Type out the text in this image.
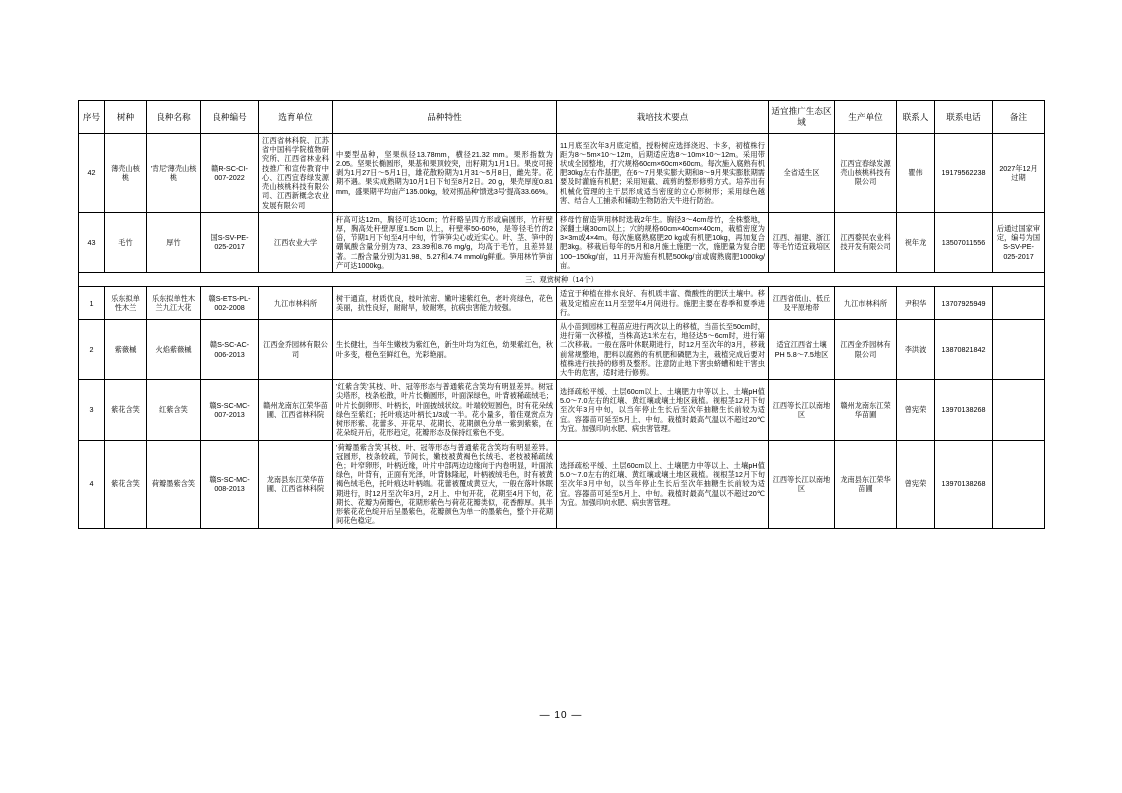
序号	树种	良种名称	良种编号	选育单位	品种特性	栽培技术要点	适宜推广生态区域	生产单位	联系人	联系电话	备注
42	薄壳山核桃	'肯尼'薄壳山核桃	赣R-SC-CI-007-2022	江西省林科院、江苏省中国科学院植物研究所、江西省林业科技推广和宣传教育中心、江西宜春绿发源壳山核桃科技有限公司、江西新概念农业发展有限公司	中要型品种，坚果纵径13.78mm，横径21.32 mm。果形指数为2.05。坚果长椭圆形，果基和果顶较突，出籽期为1月1日。果皮可接剥为1月27日～5月1日，雄花散粉期为1月31～5月8日，雌先芽。花期不遇。果实成熟期为10月1日下旬至8月2日。20 g，果壳厚度0.81 mm，盛果期平均亩产135.00kg，较对照品种'馈选3号'提高33.66%。	11月底至次年3月底定植，授粉树应选择浇迟、卡多，初植株行距为8～5m×10～12m，后期适应选8～10m×10～12m。采用带状成全园整地，打穴规格60cm×60cm×60cm。每次施入腐熟有机肥30kg左右作基肥，在6～7月果实膨大期和8～9月果实膨胀期需要及时灌施有机肥；采用短截、疏剪的整形修剪方式。培养出有机械化管理的主干层形成适当密度的立心形树形；采用绿色越害、结合人工捕杀和辅助生物防治天牛进行防治。	全省适生区	江西宜春绿发源壳山核桃科技有限公司	瞿伟	19179562238	2027年12月过期
43	毛竹	厚竹	国S-SV-PE-025-2017	江西农业大学	秆高可达12m，胸径可达10cm；竹秆略呈四方形或扁圆形，竹秆壁厚，胸高处秆壁厚度1.5cm 以上，秆壁率50-60%，是等径毛竹的2倍，节期1月下旬至4月中旬，竹笋笋尖心或近实心。叶、茎、笋中的硼氧酸含量分别为73、23.39和8.76 mg/g，均高于毛竹，且差异显著。二酚含量分别为31.98、5.27和4.74 mmol/g鲜重。笋用林竹笋亩产可达1000kg。	移母竹留造笋用林时选栽2年生。胸径3～4cm母竹，全株整地，深翻土壤30cm以上；穴的规格60cm×40cm×40cm，栽植密度为3×3m或4×4m。每次施腐熟腐肥20 kg或有机肥10kg，再加复合肥3kg。移栽后每年的5月和8月施土施肥一次，施肥量为复合肥100~150kg/亩，11月开沟施有机肥500kg/亩或腐熟腐肥1000kg/亩。	江西、福建、浙江等毛竹适宜栽培区	江西婺民农业科技开发有限公司	祝年龙	13507011556	后通过国家审定，编号为国S-SV-PE-025-2017
三、观赏树种（14个）											
1	乐东拟单性木兰	乐东拟单性木兰九江大花	赣S-ETS-PL-002-2008	九江市林科所	树干通直，材质优良，枝叶浓密、嫩叶速紫红色，老叶亮绿色，花色美丽，抗性良好，耐耐旱，较耐寒，抗病虫害能力较强。	适宜于种植在排水良好、有机质丰富、微酸性的肥沃土壤中。移栽及定植应在11月至翌年4月间进行。施肥主要在春季和夏季进行。	江西省低山、低丘及平原地带	九江市林科所	尹积华	13707925949	
2	紫薇槭	火焰紫薇槭	赣S-SC-AC-006-2013	江西金乔园林有限公司	生长健壮，当年生嫩枝为紫红色，新生叶均为红色，幼果紫红色，秋叶多变，橙色至鲜红色，光彩艳丽。	从小苗到园林工程苗应进行两次以上的移植，当苗长至50cm时，进行第一次移植，当株高达1米左右，地径达5～6cm时，进行第二次移栽。一般在落叶休眠期进行，时12月至次年的3月，移栽前常规整地，肥料以腐熟的有机肥和磷肥为主，栽植完成后要对植株进行扶持的修剪及整形。注意防止地下害虫蛴螬和蛀干害虫大牛的危害，适时进行修剪。	适宜江西省土壤PH 5.8～7.5地区	江西金乔园林有限公司	李洪波	13870821842	
3	紫花含笑	红紫含笑	赣S-SC-MC-007-2013	赣州龙南东江荣华苗圃、江西省林科院	'红紫含笑'其枝、叶、冠等形态与普通紫花含笑均有明显差异。树冠尖塔形，枝条松散，叶片长椭圆形，叶面深绿色，叶背被稀疏绒毛；叶片长倒卵形、叶柄长，叶面披绒状纹。叶端较短圆色，时有花朵绒绿色至紫红；托叶痕达叶柄长1/3或一半。花小量多，着佳观赏点为树形形紫、花蕾多、开花早、花期长、花期颜色分单一紫到紫紫，在花朵绽开后，花形趋定，花瓣形态及保持红紫色不变。	选择疏松平缓、土层60cm以上、土壤肥力中等以上、土壤pH值5.0～7.0左右的红壤、黄红壤或壤土地区栽植。视根茎12月下旬至次年3月中旬，以当年停止生长后至次年抽糖生长前较为适宜。容器苗可延至5月上、中旬。栽植时最高气温以不超过20℃为宜。加强印向水肥、病虫害管理。	江西等长江以南地区	赣州龙南东江荣华苗圃	曾宪荣	13970138268	
4	紫花含笑	荷瓣墨紫含笑	赣S-SC-MC-008-2013	龙南县东江荣华苗圃、江西省林科院	'荷瓣墨紫含笑'其枝、叶、冠等形态与普通紫花含笑均有明显差异。冠圆形，枝条较疏，节间长，嫩枝被黄褐色长绒毛、老枝被稀疏绒色；叶窄卵形，叶柄近缘，叶片中部两边边缘向于内卷明显，叶面浓绿色，叶背有，正面有光泽，叶背脉隆起，叶柄被绒毛色，时有被黄褐色绒毛色，托叶痕达叶柄端。花蕾被覆成黄豆大，一般在落叶休眠期进行，时12月至次年3月，2月上、中旬开花，花期至4月下旬，花期长、花瓣为荷瓣色，花期形紫色与荷花花瓣类似，花香醇厚。具半形紫花花色绽开后呈墨紫色，花瓣颜色为单一的墨紫色，整个开花期间花色稳定。	选择疏松平缓、土层60cm以上、土壤肥力中等以上、土壤pH值5.0～7.0左右的红壤、黄红壤或壤土地区栽植。视根茎12月下旬至次年3月中旬，以当年停止生长后至次年抽糖生长前较为适宜。容器苗可延至5月上、中旬。栽植时最高气温以不超过20℃为宜。加强印向水肥、病虫害管理。	江西等长江以南地区	龙南县东江荣华苗圃	曾宪荣	13970138268	
— 10 —
